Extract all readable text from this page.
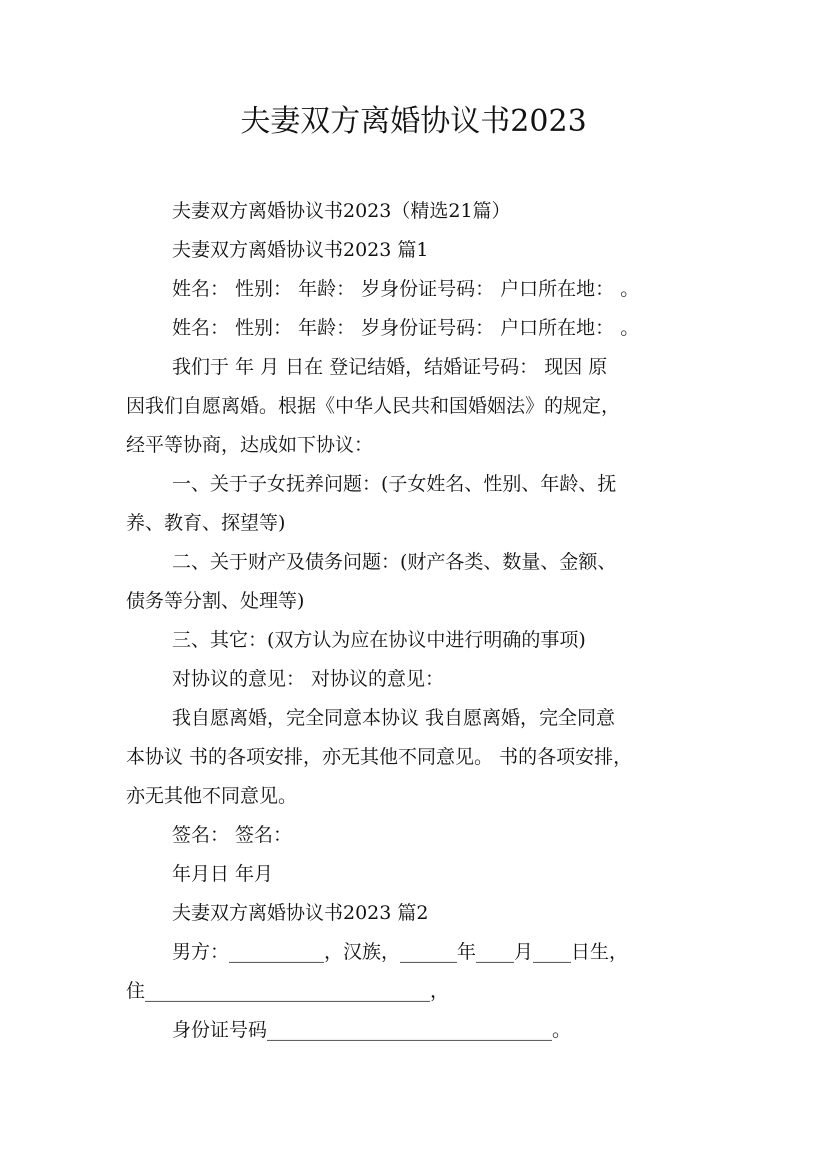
夫妻双方离婚协议书2023
夫妻双方离婚协议书2023（精选21篇）
夫妻双方离婚协议书2023 篇1
姓名： 性别： 年龄： 岁身份证号码： 户口所在地： 。
姓名： 性别： 年龄： 岁身份证号码： 户口所在地： 。
我们于 年 月 日在 登记结婚，结婚证号码： 现因 原
因我们自愿离婚。根据《中华人民共和国婚姻法》的规定，
经平等协商，达成如下协议：
一、关于子女抚养问题：(子女姓名、性别、年龄、抚
养、教育、探望等)
二、关于财产及债务问题：(财产各类、数量、金额、
债务等分割、处理等)
三、其它：(双方认为应在协议中进行明确的事项)
对协议的意见： 对协议的意见：
我自愿离婚，完全同意本协议 我自愿离婚，完全同意
本协议 书的各项安排，亦无其他不同意见。 书的各项安排，
亦无其他不同意见。
签名： 签名：
年月日 年月
夫妻双方离婚协议书2023 篇2
男方：__________，汉族，______年____月____日生，
住______________________________，
身份证号码______________________________。
